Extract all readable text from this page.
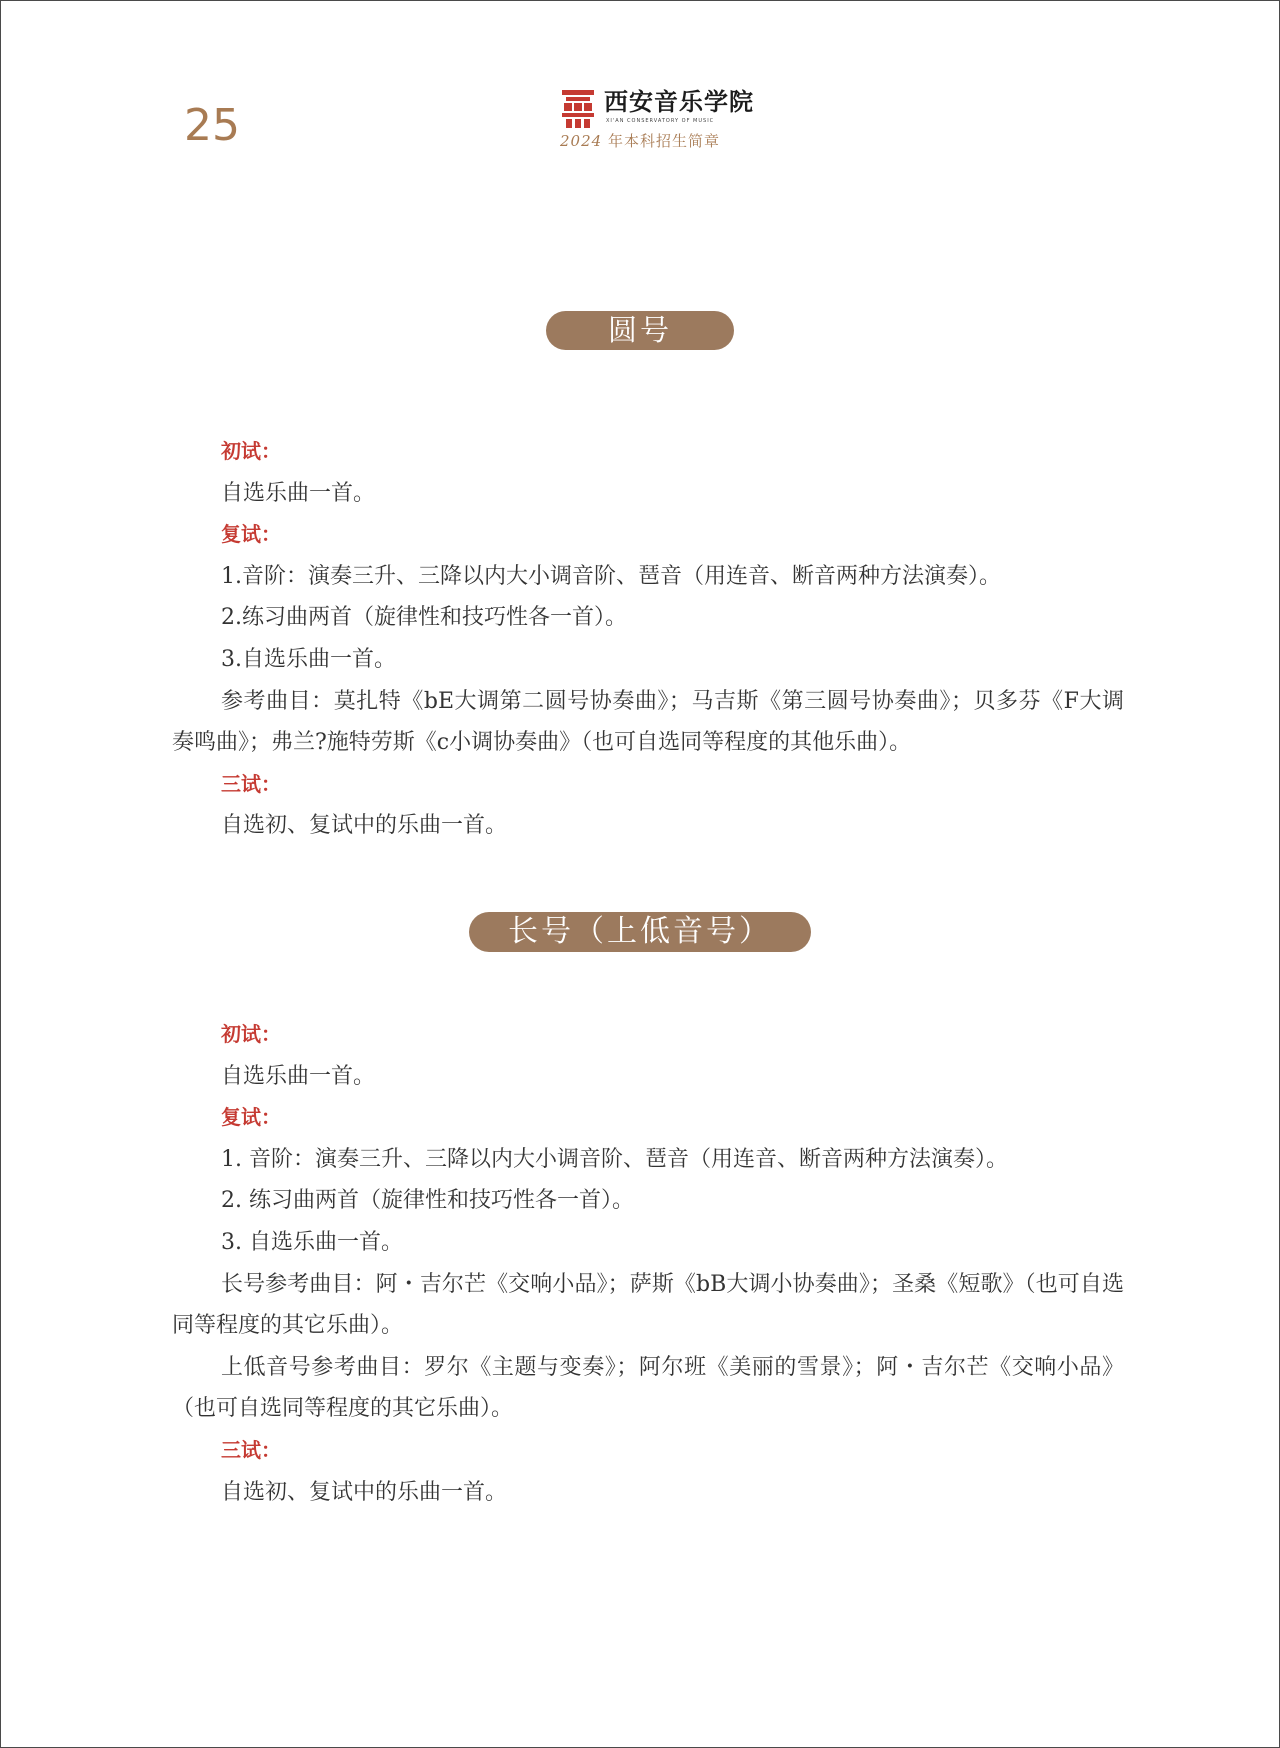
25	西安音乐学院
XI'AN CONSERVATORY OF MUSIC
2024 年本科招生简章
圆号
初试：
自选乐曲一首。
复试：
1.音阶：演奏三升、三降以内大小调音阶、琶音（用连音、断音两种方法演奏）。
2.练习曲两首（旋律性和技巧性各一首）。
3.自选乐曲一首。
参考曲目：莫扎特《bE大调第二圆号协奏曲》；马吉斯《第三圆号协奏曲》；贝多芬《F大调奏鸣曲》；弗兰?施特劳斯《c小调协奏曲》（也可自选同等程度的其他乐曲）。
三试：
自选初、复试中的乐曲一首。
长号（上低音号）
初试：
自选乐曲一首。
复试：
1. 音阶：演奏三升、三降以内大小调音阶、琶音（用连音、断音两种方法演奏）。
2. 练习曲两首（旋律性和技巧性各一首）。
3. 自选乐曲一首。
长号参考曲目：阿・吉尔芒《交响小品》；萨斯《bB大调小协奏曲》；圣桑《短歌》（也可自选同等程度的其它乐曲）。
上低音号参考曲目：罗尔《主题与变奏》；阿尔班《美丽的雪景》；阿・吉尔芒《交响小品》（也可自选同等程度的其它乐曲）。
三试：
自选初、复试中的乐曲一首。
